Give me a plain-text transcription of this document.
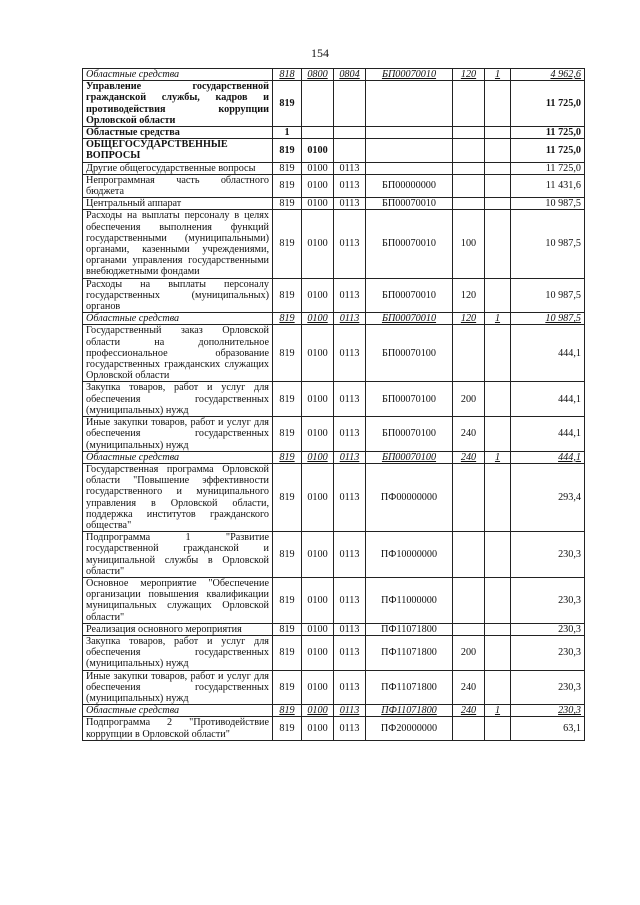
154
Областные средства	818	0800	0804	БП00070010	120	1	4 962,6
Управление государственной гражданской службы, кадров и противодействия коррупции Орловской области	819						11 725,0
Областные средства	1						11 725,0
ОБЩЕГОСУДАРСТВЕННЫЕ ВОПРОСЫ	819	0100					11 725,0
Другие общегосударственные вопросы	819	0100	0113				11 725,0
Непрограммная часть областного бюджета	819	0100	0113	БП00000000			11 431,6
Центральный аппарат	819	0100	0113	БП00070010			10 987,5
Расходы на выплаты персоналу в целях обеспечения выполнения функций государственными (муниципальными) органами, казенными учреждениями, органами управления государственными внебюджетными фондами	819	0100	0113	БП00070010	100		10 987,5
Расходы на выплаты персоналу государственных (муниципальных) органов	819	0100	0113	БП00070010	120		10 987,5
Областные средства	819	0100	0113	БП00070010	120	1	10 987,5
Государственный заказ Орловской области на дополнительное профессиональное образование государственных гражданских служащих Орловской области	819	0100	0113	БП00070100			444,1
Закупка товаров, работ и услуг для обеспечения государственных (муниципальных) нужд	819	0100	0113	БП00070100	200		444,1
Иные закупки товаров, работ и услуг для обеспечения государственных (муниципальных) нужд	819	0100	0113	БП00070100	240		444,1
Областные средства	819	0100	0113	БП00070100	240	1	444,1
Государственная программа Орловской области "Повышение эффективности государственного и муниципального управления в Орловской области, поддержка институтов гражданского общества"	819	0100	0113	ПФ00000000			293,4
Подпрограмма 1 "Развитие государственной гражданской и муниципальной службы в Орловской области"	819	0100	0113	ПФ10000000			230,3
Основное мероприятие "Обеспечение организации повышения квалификации муниципальных служащих Орловской области"	819	0100	0113	ПФ11000000			230,3
Реализация основного мероприятия	819	0100	0113	ПФ11071800			230,3
Закупка товаров, работ и услуг для обеспечения государственных (муниципальных) нужд	819	0100	0113	ПФ11071800	200		230,3
Иные закупки товаров, работ и услуг для обеспечения государственных (муниципальных) нужд	819	0100	0113	ПФ11071800	240		230,3
Областные средства	819	0100	0113	ПФ11071800	240	1	230,3
Подпрограмма 2 "Противодействие коррупции в Орловской области"	819	0100	0113	ПФ20000000			63,1
